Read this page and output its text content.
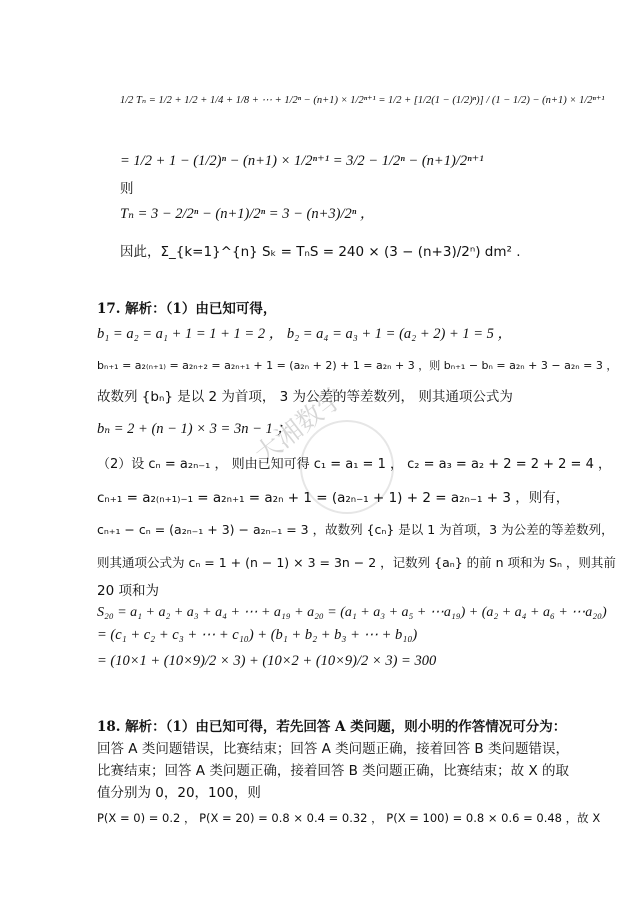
大湘数学
1/2 Tₙ = 1/2 + 1/2 + 1/4 + 1/8 + ⋯ + 1/2ⁿ − (n+1) × 1/2ⁿ⁺¹ = 1/2 + [1/2(1 − (1/2)ⁿ)] / (1 − 1/2) − (n+1) × 1/2ⁿ⁺¹
= 1/2 + 1 − (1/2)ⁿ − (n+1) × 1/2ⁿ⁺¹ = 3/2 − 1/2ⁿ − (n+1)/2ⁿ⁺¹
则
Tₙ = 3 − 2/2ⁿ − (n+1)/2ⁿ = 3 − (n+3)/2ⁿ ，
因此，Σ_{k=1}^{n} Sₖ = TₙS = 240 × (3 − (n+3)/2ⁿ) dm² .
17. 解析：（1）由已知可得，
b₁ = a₂ = a₁ + 1 = 1 + 1 = 2 ， b₂ = a₄ = a₃ + 1 = (a₂ + 2) + 1 = 5 ，
bₙ₊₁ = a₂₍ₙ₊₁₎ = a₂ₙ₊₂ = a₂ₙ₊₁ + 1 = (a₂ₙ + 2) + 1 = a₂ₙ + 3 ，则 bₙ₊₁ − bₙ = a₂ₙ + 3 − a₂ₙ = 3 ，
故数列 {bₙ} 是以 2 为首项， 3 为公差的等差数列， 则其通项公式为
bₙ = 2 + (n − 1) × 3 = 3n − 1 ；
（2）设 cₙ = a₂ₙ₋₁ ， 则由已知可得 c₁ = a₁ = 1 ， c₂ = a₃ = a₂ + 2 = 2 + 2 = 4 ，
cₙ₊₁ = a₂₍ₙ₊₁₎₋₁ = a₂ₙ₊₁ = a₂ₙ + 1 = (a₂ₙ₋₁ + 1) + 2 = a₂ₙ₋₁ + 3 ，则有，
cₙ₊₁ − cₙ = (a₂ₙ₋₁ + 3) − a₂ₙ₋₁ = 3 ，故数列 {cₙ} 是以 1 为首项，3 为公差的等差数列，
则其通项公式为 cₙ = 1 + (n − 1) × 3 = 3n − 2 ，记数列 {aₙ} 的前 n 项和为 Sₙ ，则其前
20 项和为
S₂₀ = a₁ + a₂ + a₃ + a₄ + ⋯ + a₁₉ + a₂₀ = (a₁ + a₃ + a₅ + ⋯a₁₉) + (a₂ + a₄ + a₆ + ⋯a₂₀)
= (c₁ + c₂ + c₃ + ⋯ + c₁₀) + (b₁ + b₂ + b₃ + ⋯ + b₁₀)
= (10×1 + (10×9)/2 × 3) + (10×2 + (10×9)/2 × 3) = 300
18. 解析：（1）由已知可得，若先回答 A 类问题，则小明的作答情况可分为：
回答 A 类问题错误，比赛结束；回答 A 类问题正确，接着回答 B 类问题错误，
比赛结束；回答 A 类问题正确，接着回答 B 类问题正确，比赛结束；故 X 的取
值分别为 0，20，100，则
P(X = 0) = 0.2 ， P(X = 20) = 0.8 × 0.4 = 0.32 ， P(X = 100) = 0.8 × 0.6 = 0.48 ，故 X
